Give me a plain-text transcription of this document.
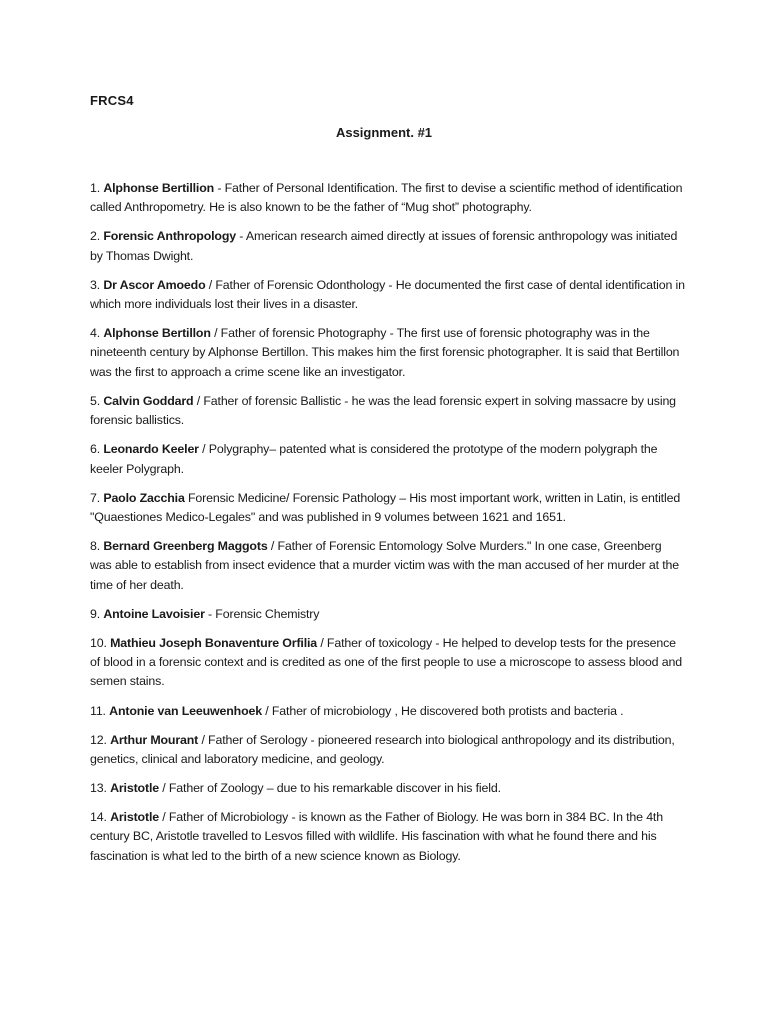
FRCS4
Assignment. #1

1. Alphonse Bertillion - Father of Personal Identification. The first to devise a scientific method of identification called Anthropometry. He is also known to be the father of “Mug shot” photography.

2. Forensic Anthropology - American research aimed directly at issues of forensic anthropology was initiated by Thomas Dwight.

3. Dr Ascor Amoedo / Father of Forensic Odonthology - He documented the first case of dental identification in which more individuals lost their lives in a disaster.

4. Alphonse Bertillon / Father of forensic Photography - The first use of forensic photography was in the nineteenth century by Alphonse Bertillon. This makes him the first forensic photographer. It is said that Bertillon was the first to approach a crime scene like an investigator.

5. Calvin Goddard / Father of forensic Ballistic - he was the lead forensic expert in solving massacre by using forensic ballistics.

6. Leonardo Keeler / Polygraphy– patented what is considered the prototype of the modern polygraph the keeler Polygraph.

7. Paolo Zacchia Forensic Medicine/ Forensic Pathology – His most important work, written in Latin, is entitled "Quaestiones Medico-Legales" and was published in 9 volumes between 1621 and 1651.

8. Bernard Greenberg Maggots / Father of Forensic Entomology Solve Murders." In one case, Greenberg was able to establish from insect evidence that a murder victim was with the man accused of her murder at the time of her death.

9. Antoine Lavoisier - Forensic Chemistry

10. Mathieu Joseph Bonaventure Orfilia / Father of toxicology - He helped to develop tests for the presence of blood in a forensic context and is credited as one of the first people to use a microscope to assess blood and semen stains.

11. Antonie van Leeuwenhoek / Father of microbiology , He discovered both protists and bacteria .

12. Arthur Mourant / Father of Serology - pioneered research into biological anthropology and its distribution, genetics, clinical and laboratory medicine, and geology.

13. Aristotle / Father of Zoology – due to his remarkable discover in his field.

14. Aristotle / Father of Microbiology - is known as the Father of Biology. He was born in 384 BC. In the 4th century BC, Aristotle travelled to Lesvos filled with wildlife. His fascination with what he found there and his fascination is what led to the birth of a new science known as Biology.
